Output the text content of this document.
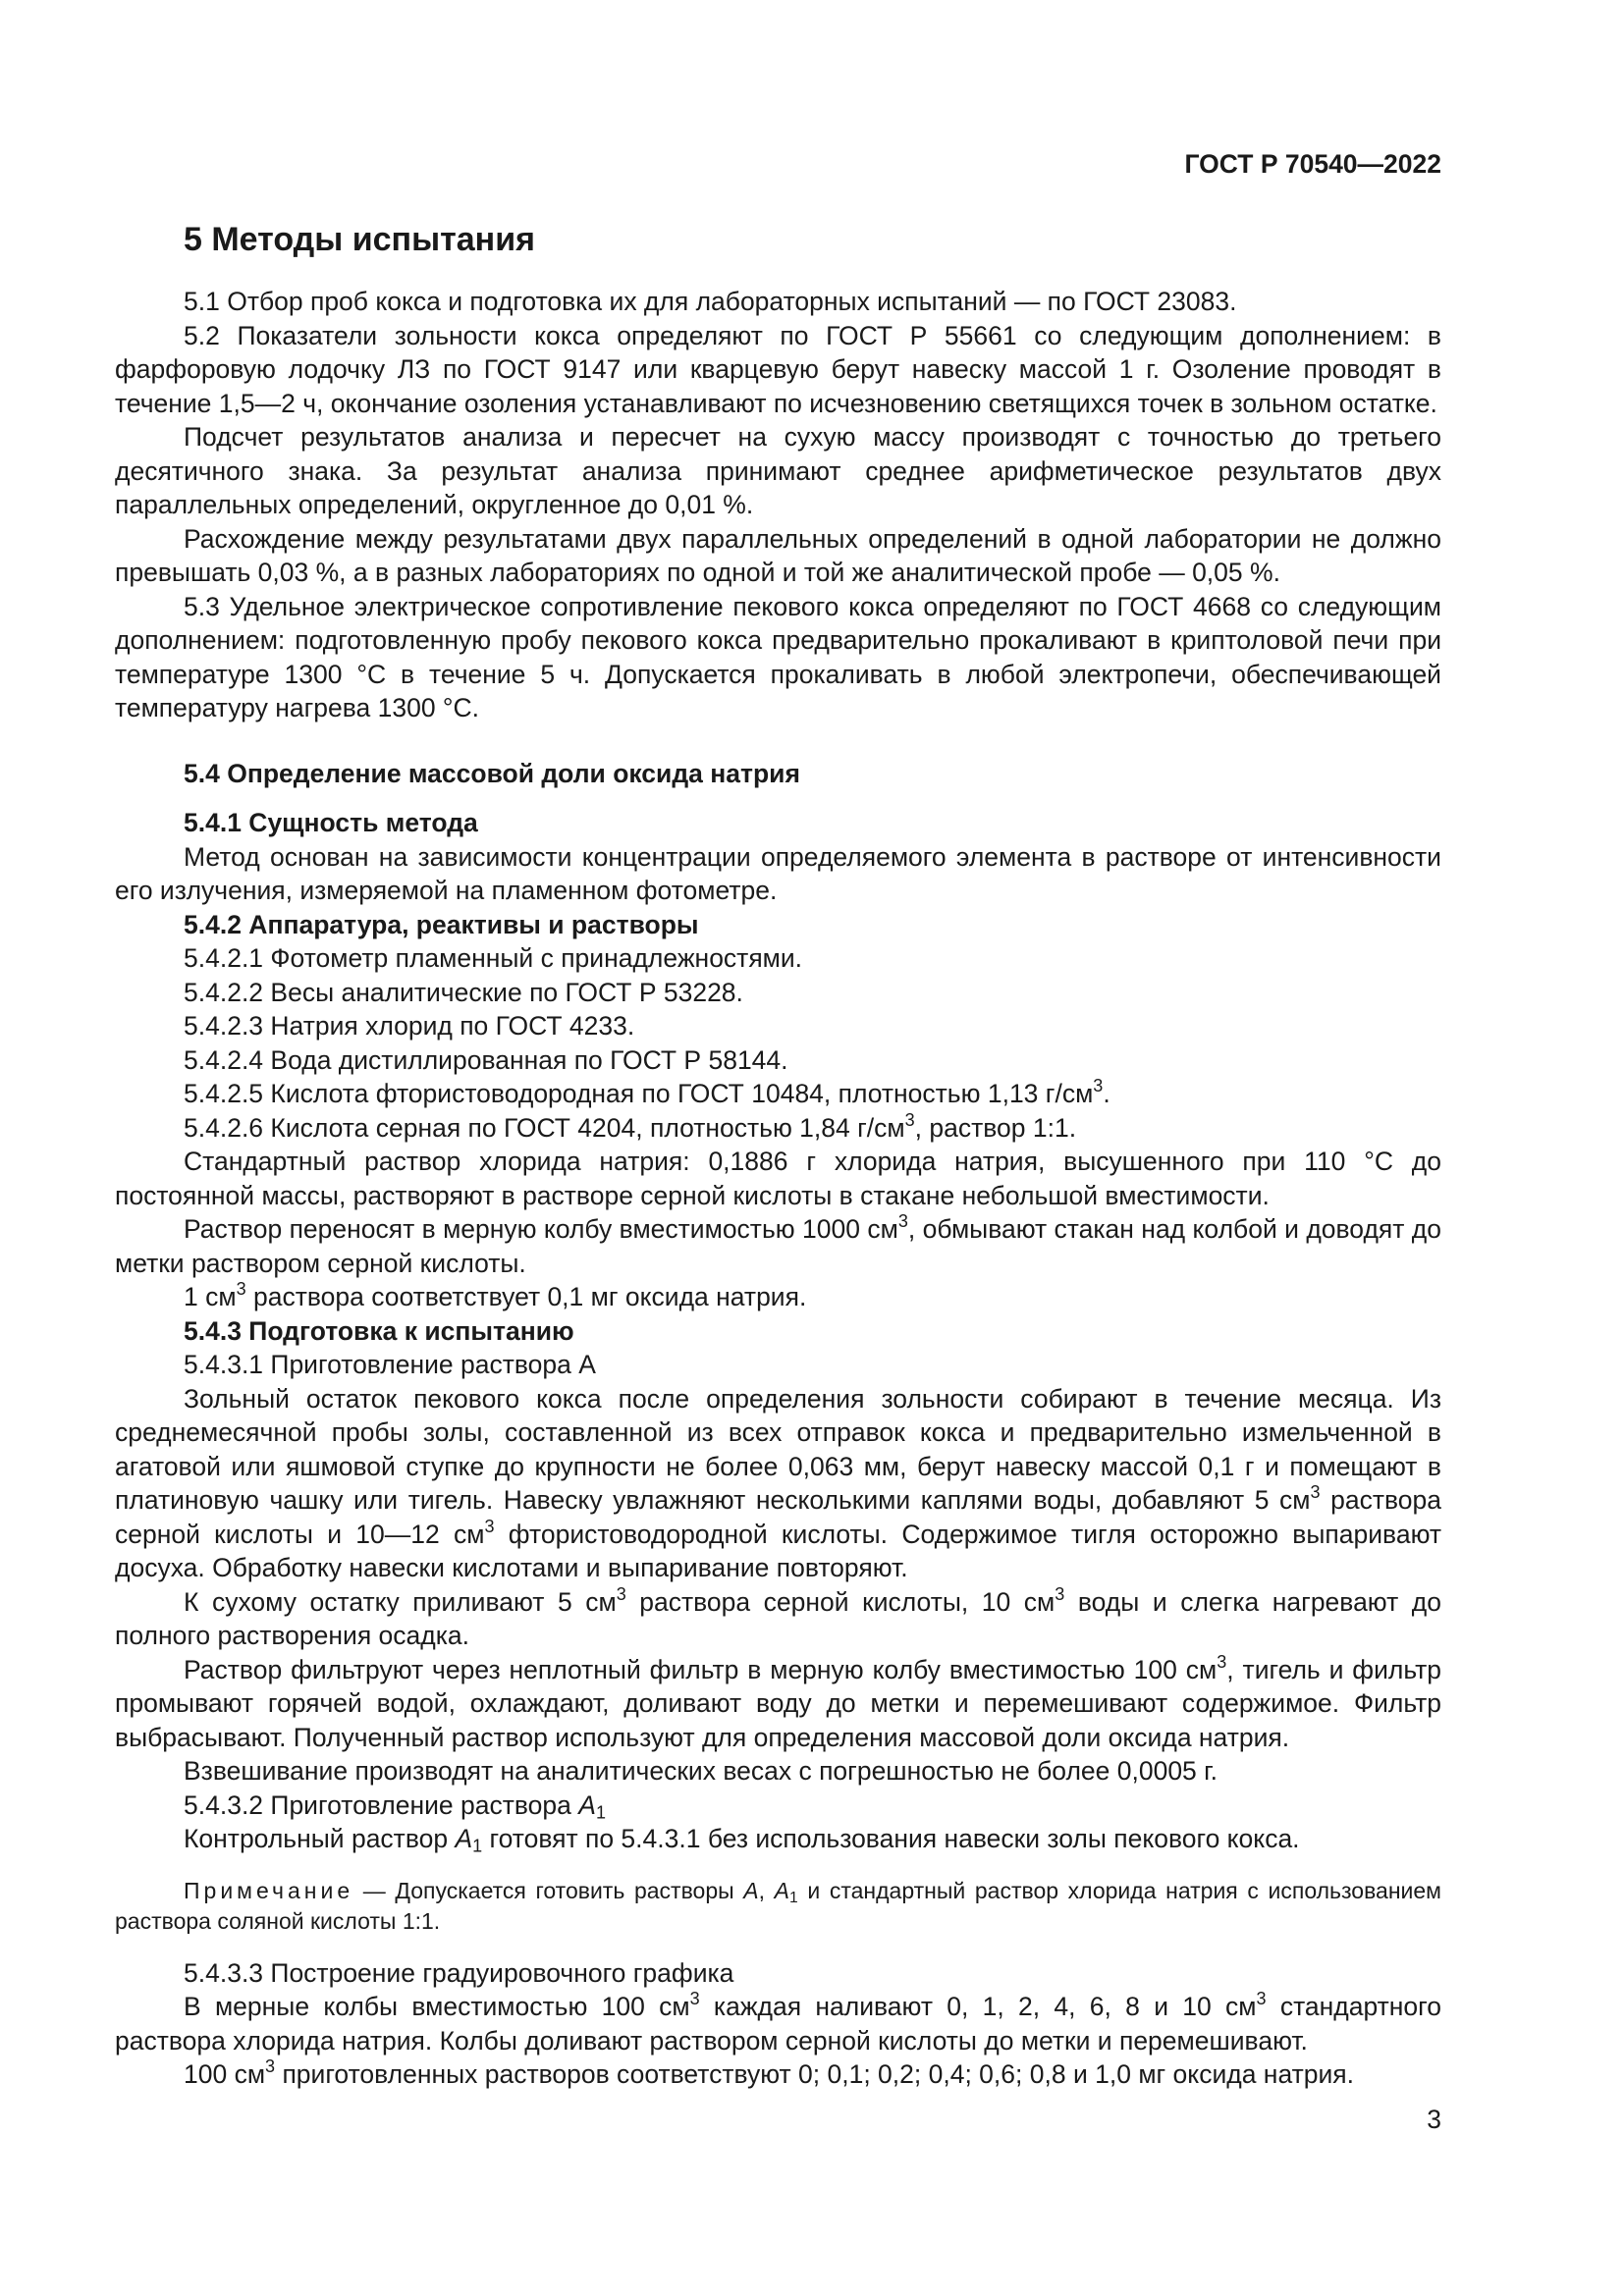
ГОСТ Р 70540—2022
5 Методы испытания

5.1 Отбор проб кокса и подготовка их для лабораторных испытаний — по ГОСТ 23083.

5.2 Показатели зольности кокса определяют по ГОСТ Р 55661 со следующим дополнением: в фарфоровую лодочку ЛЗ по ГОСТ 9147 или кварцевую берут навеску массой 1 г. Озоление проводят в течение 1,5—2 ч, окончание озоления устанавливают по исчезновению светящихся точек в зольном остатке.

Подсчет результатов анализа и пересчет на сухую массу производят с точностью до третьего десятичного знака. За результат анализа принимают среднее арифметическое результатов двух параллельных определений, округленное до 0,01 %.

Расхождение между результатами двух параллельных определений в одной лаборатории не должно превышать 0,03 %, а в разных лабораториях по одной и той же аналитической пробе — 0,05 %.

5.3 Удельное электрическое сопротивление пекового кокса определяют по ГОСТ 4668 со следующим дополнением: подготовленную пробу пекового кокса предварительно прокаливают в криптоловой печи при температуре 1300 °С в течение 5 ч. Допускается прокаливать в любой электропечи, обеспечивающей температуру нагрева 1300 °С.

5.4 Определение массовой доли оксида натрия

5.4.1 Сущность метода

Метод основан на зависимости концентрации определяемого элемента в растворе от интенсивности его излучения, измеряемой на пламенном фотометре.

5.4.2 Аппаратура, реактивы и растворы

5.4.2.1 Фотометр пламенный с принадлежностями.

5.4.2.2 Весы аналитические по ГОСТ Р 53228.

5.4.2.3 Натрия хлорид по ГОСТ 4233.

5.4.2.4 Вода дистиллированная по ГОСТ Р 58144.

5.4.2.5 Кислота фтористоводородная по ГОСТ 10484, плотностью 1,13 $г/см^3$.

5.4.2.6 Кислота серная по ГОСТ 4204, плотностью 1,84 $г/см^3$, раствор 1:1.

Стандартный раствор хлорида натрия: 0,1886 г хлорида натрия, высушенного при 110 °С до постоянной массы, растворяют в растворе серной кислоты в стакане небольшой вместимости.

Раствор переносят в мерную колбу вместимостью 1000 $см^3$, обмывают стакан над колбой и доводят до метки раствором серной кислоты.

1 $см^3$ раствора соответствует 0,1 мг оксида натрия.

5.4.3 Подготовка к испытанию

5.4.3.1 Приготовление раствора А

Зольный остаток пекового кокса после определения зольности собирают в течение месяца. Из среднемесячной пробы золы, составленной из всех отправок кокса и предварительно измельченной в агатовой или яшмовой ступке до крупности не более 0,063 мм, берут навеску массой 0,1 г и помещают в платиновую чашку или тигель. Навеску увлажняют несколькими каплями воды, добавляют 5 $см^3$ раствора серной кислоты и 10—12 $см^3$ фтористоводородной кислоты. Содержимое тигля осторожно выпаривают досуха. Обработку навески кислотами и выпаривание повторяют.

К сухому остатку приливают 5 $см^3$ раствора серной кислоты, 10 $см^3$ воды и слегка нагревают до полного растворения осадка.

Раствор фильтруют через неплотный фильтр в мерную колбу вместимостью 100 $см^3$, тигель и фильтр промывают горячей водой, охлаждают, доливают воду до метки и перемешивают содержимое. Фильтр выбрасывают. Полученный раствор используют для определения массовой доли оксида натрия.

Взвешивание производят на аналитических весах с погрешностью не более 0,0005 г.

5.4.3.2 Приготовление раствора $A_1$

Контрольный раствор $A_1$ готовят по 5.4.3.1 без использования навески золы пекового кокса.

Примечание — Допускается готовить растворы A, $A_1$ и стандартный раствор хлорида натрия с использованием раствора соляной кислоты 1:1.

5.4.3.3 Построение градуировочного графика

В мерные колбы вместимостью 100 $см^3$ каждая наливают 0, 1, 2, 4, 6, 8 и 10 $см^3$ стандартного раствора хлорида натрия. Колбы доливают раствором серной кислоты до метки и перемешивают.

100 $см^3$ приготовленных растворов соответствуют 0; 0,1; 0,2; 0,4; 0,6; 0,8 и 1,0 мг оксида натрия.

3
